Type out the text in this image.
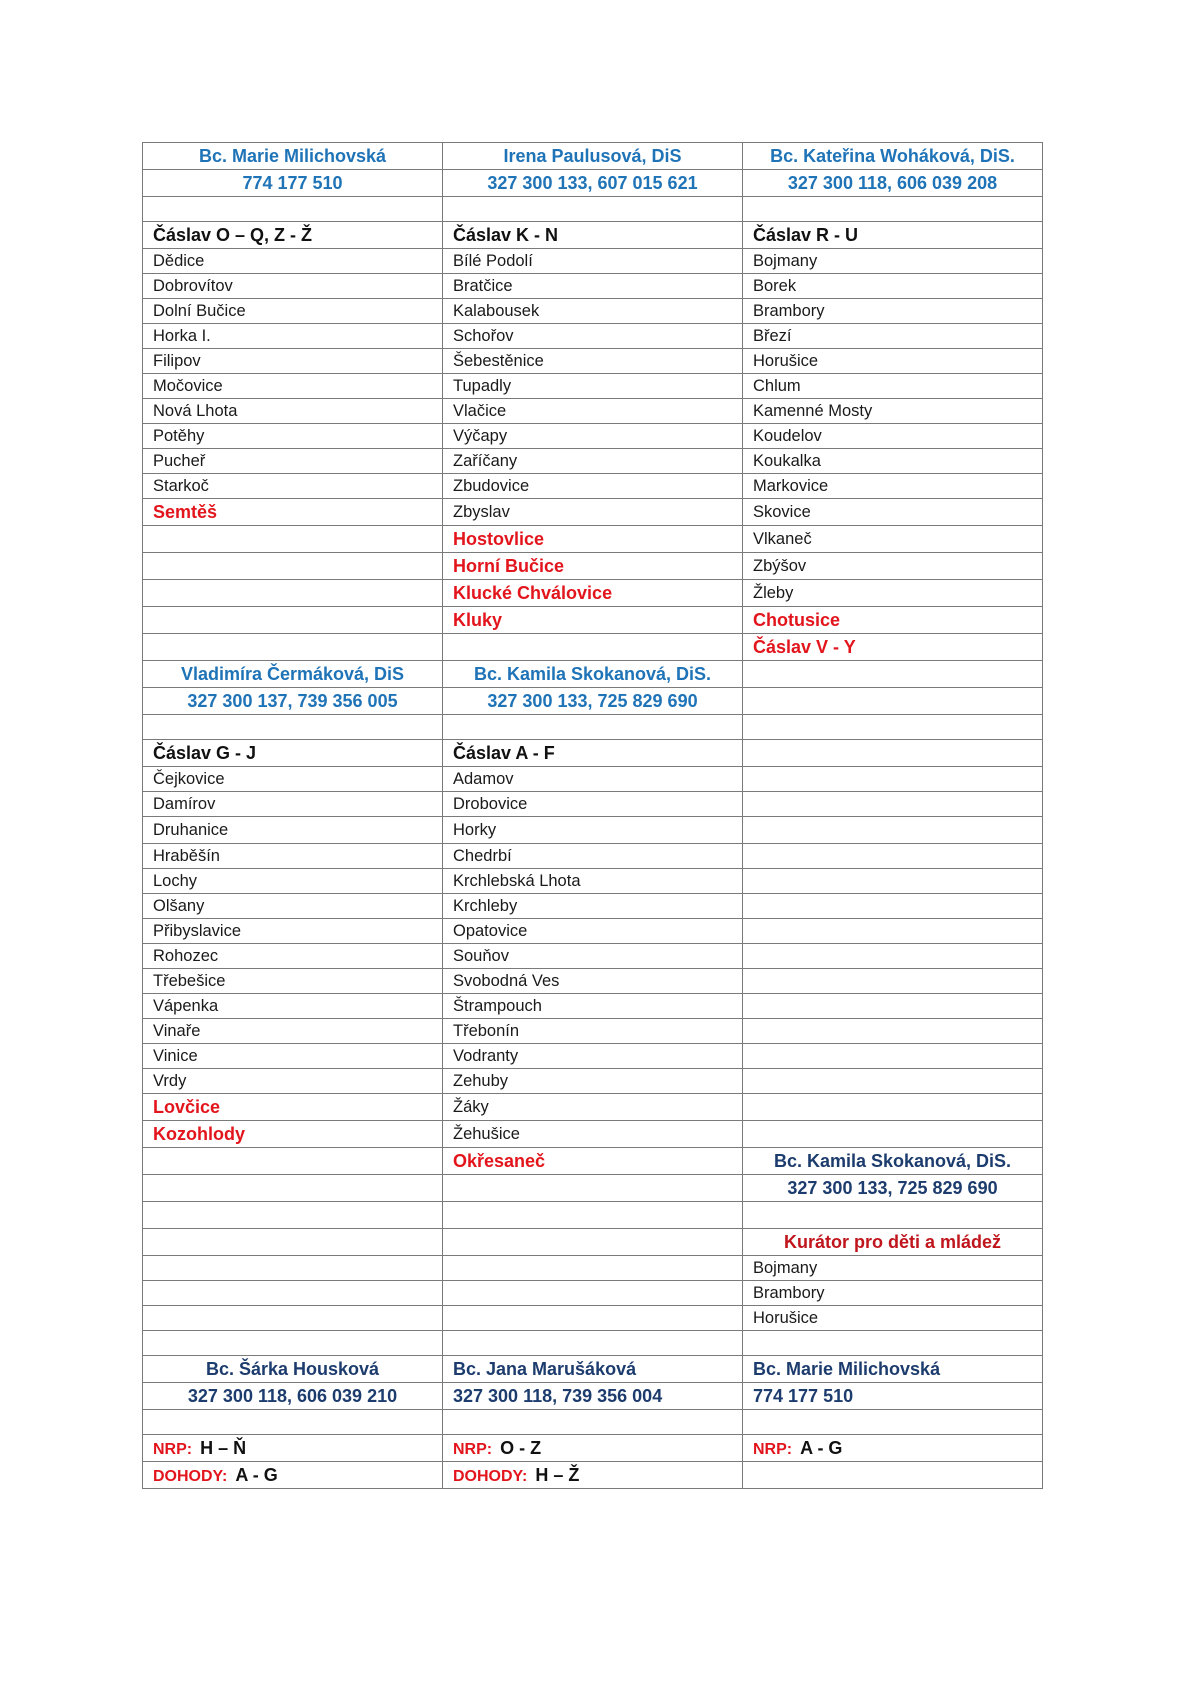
Bc. Marie Milichovská	Irena Paulusová, DiS	Bc. Kateřina Woháková, DiS.
774 177 510	327 300 133, 607 015 621	327 300 118, 606 039 208

Čáslav O – Q, Z - Ž	Čáslav K - N	Čáslav R - U
Dědice	Bílé Podolí	Bojmany
Dobrovítov	Bratčice	Borek
Dolní Bučice	Kalabousek	Brambory
Horka I.	Schořov	Březí
Filipov	Šebestěnice	Horušice
Močovice	Tupadly	Chlum
Nová Lhota	Vlačice	Kamenné Mosty
Potěhy	Výčapy	Koudelov
Pucheř	Zaříčany	Koukalka
Starkoč	Zbudovice	Markovice
Semtěš	Zbyslav	Skovice
	Hostovlice	Vlkaneč
	Horní Bučice	Zbýšov
	Klucké Chválovice	Žleby
	Kluky	Chotusice
		Čáslav V - Y
Vladimíra Čermáková, DiS	Bc. Kamila Skokanová, DiS.	
327 300 137, 739 356 005	327 300 133, 725 829 690	

Čáslav G - J	Čáslav A - F	
Čejkovice	Adamov	
Damírov	Drobovice	
Druhanice	Horky	
Hraběšín	Chedrbí	
Lochy	Krchlebská Lhota	
Olšany	Krchleby	
Přibyslavice	Opatovice	
Rohozec	Souňov	
Třebešice	Svobodná Ves	
Vápenka	Štrampouch	
Vinaře	Třebonín	
Vinice	Vodranty	
Vrdy	Zehuby	
Lovčice	Žáky	
Kozohlody	Žehušice	
	Okřesaneč	Bc. Kamila Skokanová, DiS.
		327 300 133, 725 829 690

		Kurátor pro děti a mládež
		Bojmany
		Brambory
		Horušice

Bc. Šárka Housková	Bc. Jana Marušáková	Bc. Marie Milichovská
327 300 118, 606 039 210	327 300 118, 739 356 004	774 177 510

NRP: H – Ň	NRP: O - Z	NRP: A - G
DOHODY: A - G	DOHODY: H – Ž	
